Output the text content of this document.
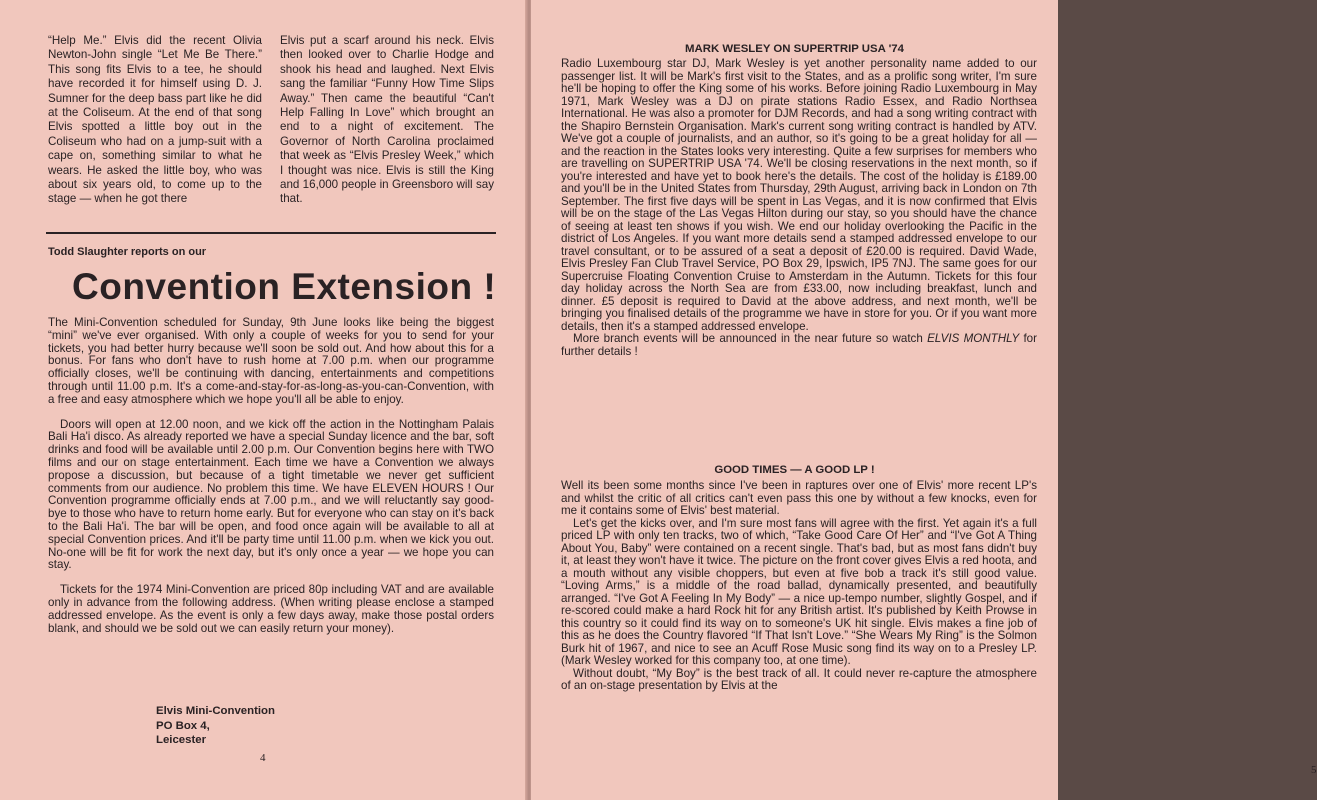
“Help Me.” Elvis did the recent Olivia Newton-John single “Let Me Be There.” This song fits Elvis to a tee, he should have recorded it for himself using D. J. Sumner for the deep bass part like he did at the Coliseum. At the end of that song Elvis spotted a little boy out in the Coliseum who had on a jump-suit with a cape on, something similar to what he wears. He asked the little boy, who was about six years old, to come up to the stage — when he got there

Elvis put a scarf around his neck. Elvis then looked over to Charlie Hodge and shook his head and laughed. Next Elvis sang the familiar “Funny How Time Slips Away.” Then came the beautiful “Can't Help Falling In Love” which brought an end to a night of excitement. The Governor of North Carolina proclaimed that week as “Elvis Presley Week,” which I thought was nice. Elvis is still the King and 16,000 people in Greensboro will say that.

Todd Slaughter reports on our
Convention Extension !

The Mini-Convention scheduled for Sunday, 9th June looks like being the biggest “mini” we've ever organised. With only a couple of weeks for you to send for your tickets, you had better hurry because we'll soon be sold out. And how about this for a bonus. For fans who don't have to rush home at 7.00 p.m. when our programme officially closes, we'll be continuing with dancing, entertainments and competitions through until 11.00 p.m. It's a come-and-stay-for-as-long-as-you-can-Convention, with a free and easy atmosphere which we hope you'll all be able to enjoy.

Doors will open at 12.00 noon, and we kick off the action in the Nottingham Palais Bali Ha'i disco. As already reported we have a special Sunday licence and the bar, soft drinks and food will be available until 2.00 p.m. Our Convention begins here with TWO films and our on stage entertainment. Each time we have a Convention we always propose a discussion, but because of a tight timetable we never get sufficient comments from our audience. No problem this time. We have ELEVEN HOURS ! Our Convention programme officially ends at 7.00 p.m., and we will reluctantly say good-bye to those who have to return home early. But for everyone who can stay on it's back to the Bali Ha'i. The bar will be open, and food once again will be available to all at special Convention prices. And it'll be party time until 11.00 p.m. when we kick you out. No-one will be fit for work the next day, but it's only once a year — we hope you can stay.

Tickets for the 1974 Mini-Convention are priced 80p including VAT and are available only in advance from the following address. (When writing please enclose a stamped addressed envelope. As the event is only a few days away, make those postal orders blank, and should we be sold out we can easily return your money).

Elvis Mini-Convention
PO Box 4,
Leicester
4
MARK WESLEY ON SUPERTRIP USA '74

Radio Luxembourg star DJ, Mark Wesley is yet another personality name added to our passenger list. It will be Mark's first visit to the States, and as a prolific song writer, I'm sure he'll be hoping to offer the King some of his works. Before joining Radio Luxembourg in May 1971, Mark Wesley was a DJ on pirate stations Radio Essex, and Radio Northsea International. He was also a promoter for DJM Records, and had a song writing contract with the Shapiro Bernstein Organisation. Mark's current song writing contract is handled by ATV. We've got a couple of journalists, and an author, so it's going to be a great holiday for all — and the reaction in the States looks very interesting. Quite a few surprises for members who are travelling on SUPERTRIP USA '74. We'll be closing reservations in the next month, so if you're interested and have yet to book here's the details. The cost of the holiday is £189.00 and you'll be in the United States from Thursday, 29th August, arriving back in London on 7th September. The first five days will be spent in Las Vegas, and it is now confirmed that Elvis will be on the stage of the Las Vegas Hilton during our stay, so you should have the chance of seeing at least ten shows if you wish. We end our holiday overlooking the Pacific in the district of Los Angeles. If you want more details send a stamped addressed envelope to our travel consultant, or to be assured of a seat a deposit of £20.00 is required. David Wade, Elvis Presley Fan Club Travel Service, PO Box 29, Ipswich, IP5 7NJ. The same goes for our Supercruise Floating Convention Cruise to Amsterdam in the Autumn. Tickets for this four day holiday across the North Sea are from £33.00, now including breakfast, lunch and dinner. £5 deposit is required to David at the above address, and next month, we'll be bringing you finalised details of the programme we have in store for you. Or if you want more details, then it's a stamped addressed envelope.

More branch events will be announced in the near future so watch ELVIS MONTHLY for further details !

GOOD TIMES — A GOOD LP !

Well its been some months since I've been in raptures over one of Elvis' more recent LP's and whilst the critic of all critics can't even pass this one by without a few knocks, even for me it contains some of Elvis' best material.

Let's get the kicks over, and I'm sure most fans will agree with the first. Yet again it's a full priced LP with only ten tracks, two of which, “Take Good Care Of Her” and “I've Got A Thing About You, Baby” were contained on a recent single. That's bad, but as most fans didn't buy it, at least they won't have it twice. The picture on the front cover gives Elvis a red hoota, and a mouth without any visible choppers, but even at five bob a track it's still good value. “Loving Arms,” is a middle of the road ballad, dynamically presented, and beautifully arranged. “I've Got A Feeling In My Body” — a nice up-tempo number, slightly Gospel, and if re-scored could make a hard Rock hit for any British artist. It's published by Keith Prowse in this country so it could find its way on to someone's UK hit single. Elvis makes a fine job of this as he does the Country flavored “If That Isn't Love.” “She Wears My Ring” is the Solmon Burk hit of 1967, and nice to see an Acuff Rose Music song find its way on to a Presley LP. (Mark Wesley worked for this company too, at one time).

Without doubt, “My Boy” is the best track of all. It could never re-capture the atmosphere of an on-stage presentation by Elvis at the

5
